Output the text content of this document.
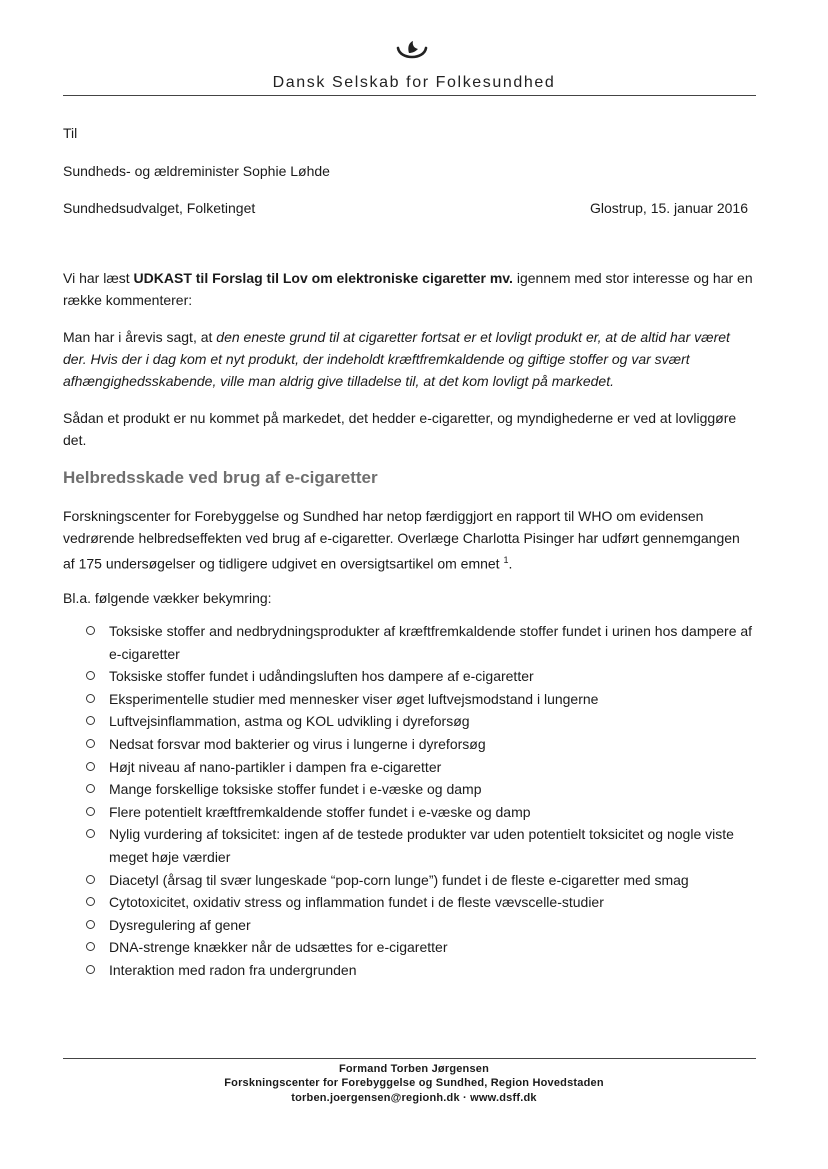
Dansk Selskab for Folkesundhed
Til
Sundheds- og ældreminister Sophie Løhde
Sundhedsudvalget, Folketinget	Glostrup, 15. januar 2016
Vi har læst UDKAST til Forslag til Lov om elektroniske cigaretter mv. igennem med stor interesse og har en række kommenterer:
Man har i årevis sagt, at den eneste grund til at cigaretter fortsat er et lovligt produkt er, at de altid har været der. Hvis der i dag kom et nyt produkt, der indeholdt kræftfremkaldende og giftige stoffer og var svært afhængighedsskabende, ville man aldrig give tilladelse til, at det kom lovligt på markedet.
Sådan et produkt er nu kommet på markedet, det hedder e-cigaretter, og myndighederne er ved at lovliggøre det.
Helbredsskade ved brug af e-cigaretter
Forskningscenter for Forebyggelse og Sundhed har netop færdiggjort en rapport til WHO om evidensen vedrørende helbredseffekten ved brug af e-cigaretter. Overlæge Charlotta Pisinger har udført gennemgangen af 175 undersøgelser og tidligere udgivet en oversigtsartikel om emnet $^1$.
Bl.a. følgende vækker bekymring:
Toksiske stoffer and nedbrydningsprodukter af kræftfremkaldende stoffer fundet i urinen hos dampere af e-cigaretter
Toksiske stoffer fundet i udåndingsluften hos dampere af e-cigaretter
Eksperimentelle studier med mennesker viser øget luftvejsmodstand i lungerne
Luftvejsinflammation, astma og KOL udvikling i dyreforsøg
Nedsat forsvar mod bakterier og virus i lungerne i dyreforsøg
Højt niveau af nano-partikler i dampen fra e-cigaretter
Mange forskellige toksiske stoffer fundet i e-væske og damp
Flere potentielt kræftfremkaldende stoffer fundet i e-væske og damp
Nylig vurdering af toksicitet: ingen af de testede produkter var uden potentielt toksicitet og nogle viste meget høje værdier
Diacetyl (årsag til svær lungeskade “pop-corn lunge”) fundet i de fleste e-cigaretter med smag
Cytotoxicitet, oxidativ stress og inflammation fundet i de fleste vævscelle-studier
Dysregulering af gener
DNA-strenge knækker når de udsættes for e-cigaretter
Interaktion med radon fra undergrunden
Formand Torben Jørgensen
Forskningscenter for Forebyggelse og Sundhed, Region Hovedstaden
torben.joergensen@regionh.dk · www.dsff.dk
